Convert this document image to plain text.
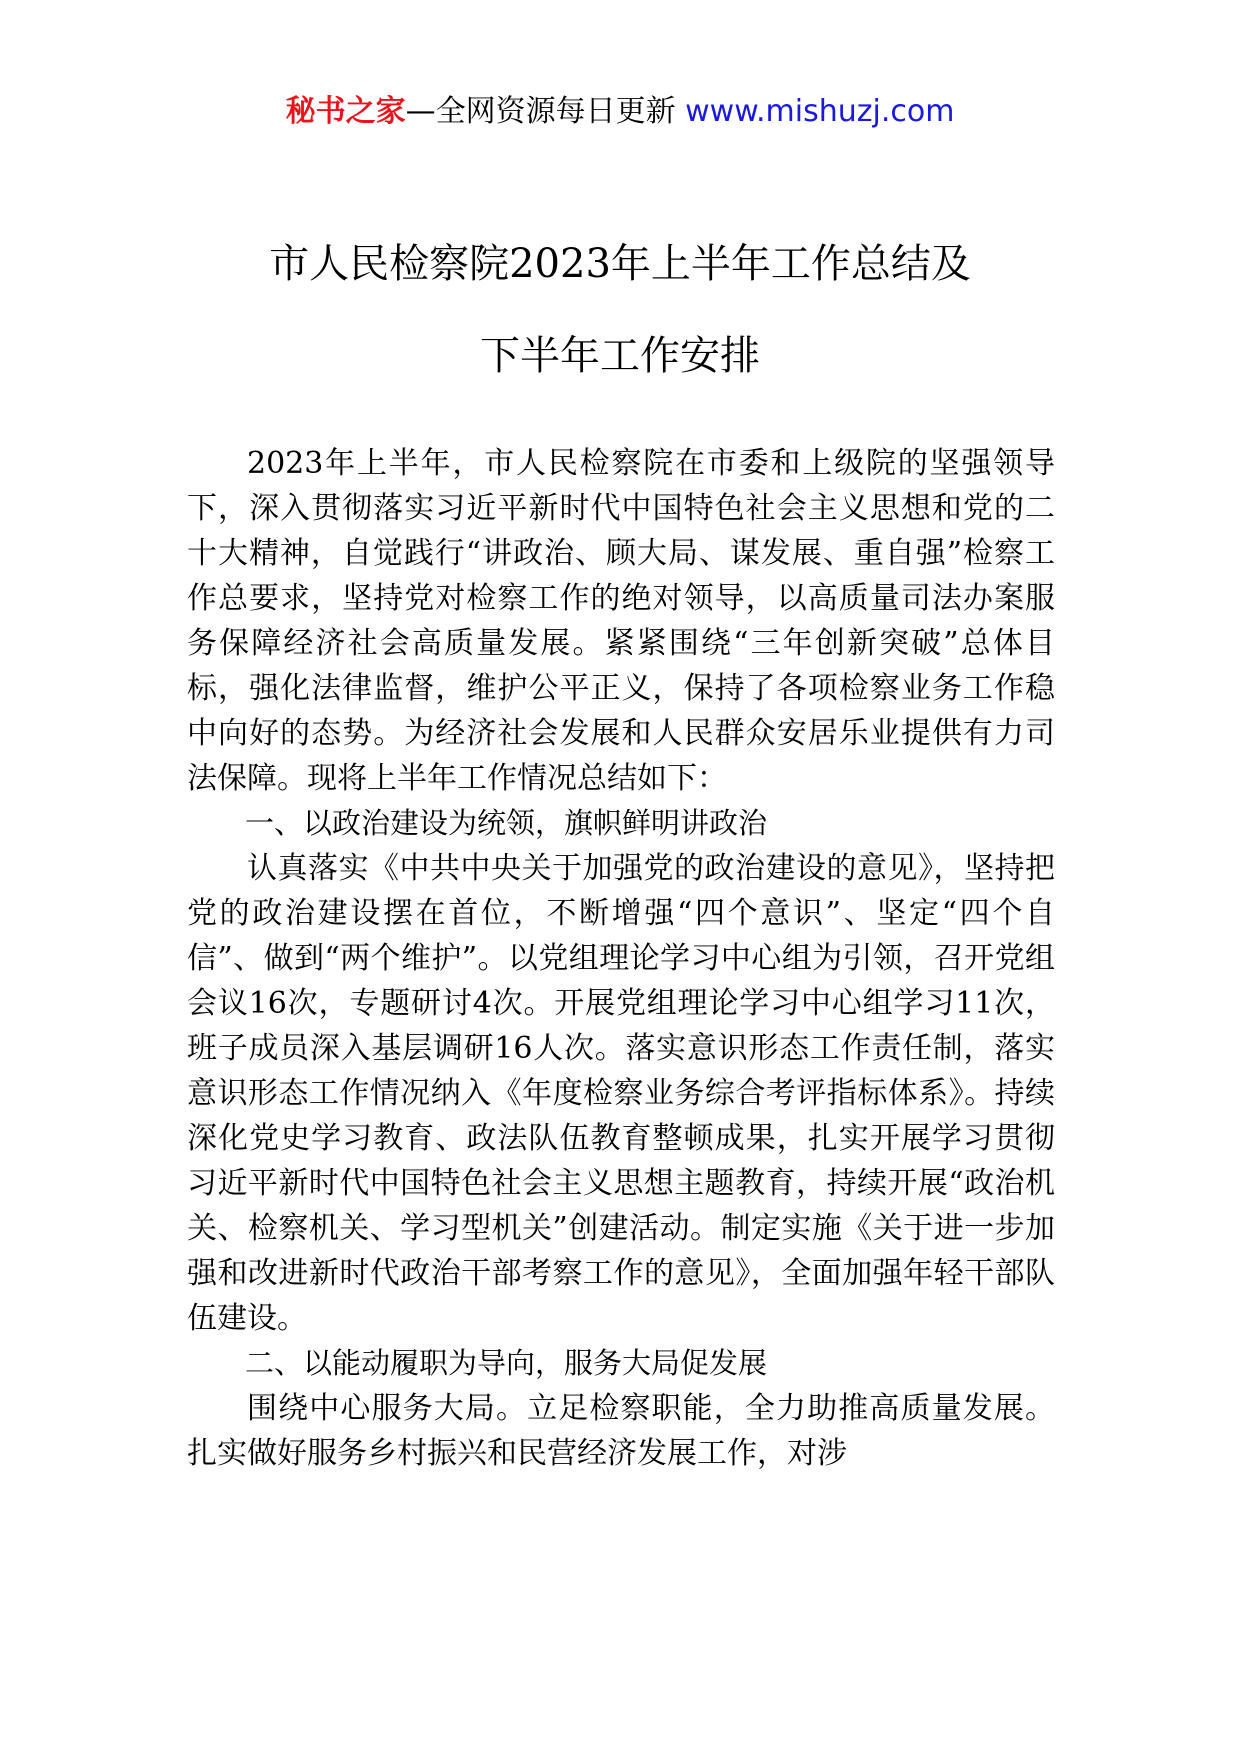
秘书之家—全网资源每日更新 www.mishuzj.com
市人民检察院2023年上半年工作总结及
下半年工作安排

2023年上半年，市人民检察院在市委和上级院的坚强领导下，深入贯彻落实习近平新时代中国特色社会主义思想和党的二十大精神，自觉践行“讲政治、顾大局、谋发展、重自强”检察工作总要求，坚持党对检察工作的绝对领导，以高质量司法办案服务保障经济社会高质量发展。紧紧围绕“三年创新突破”总体目标，强化法律监督，维护公平正义，保持了各项检察业务工作稳中向好的态势。为经济社会发展和人民群众安居乐业提供有力司法保障。现将上半年工作情况总结如下：

一、以政治建设为统领，旗帜鲜明讲政治

认真落实《中共中央关于加强党的政治建设的意见》，坚持把党的政治建设摆在首位，不断增强“四个意识”、坚定“四个自信”、做到“两个维护”。以党组理论学习中心组为引领，召开党组会议16次，专题研讨4次。开展党组理论学习中心组学习11次，班子成员深入基层调研16人次。落实意识形态工作责任制，落实意识形态工作情况纳入《年度检察业务综合考评指标体系》。持续深化党史学习教育、政法队伍教育整顿成果，扎实开展学习贯彻习近平新时代中国特色社会主义思想主题教育，持续开展“政治机关、检察机关、学习型机关”创建活动。制定实施《关于进一步加强和改进新时代政治干部考察工作的意见》，全面加强年轻干部队伍建设。

二、以能动履职为导向，服务大局促发展

围绕中心服务大局。立足检察职能，全力助推高质量发展。扎实做好服务乡村振兴和民营经济发展工作，对涉
